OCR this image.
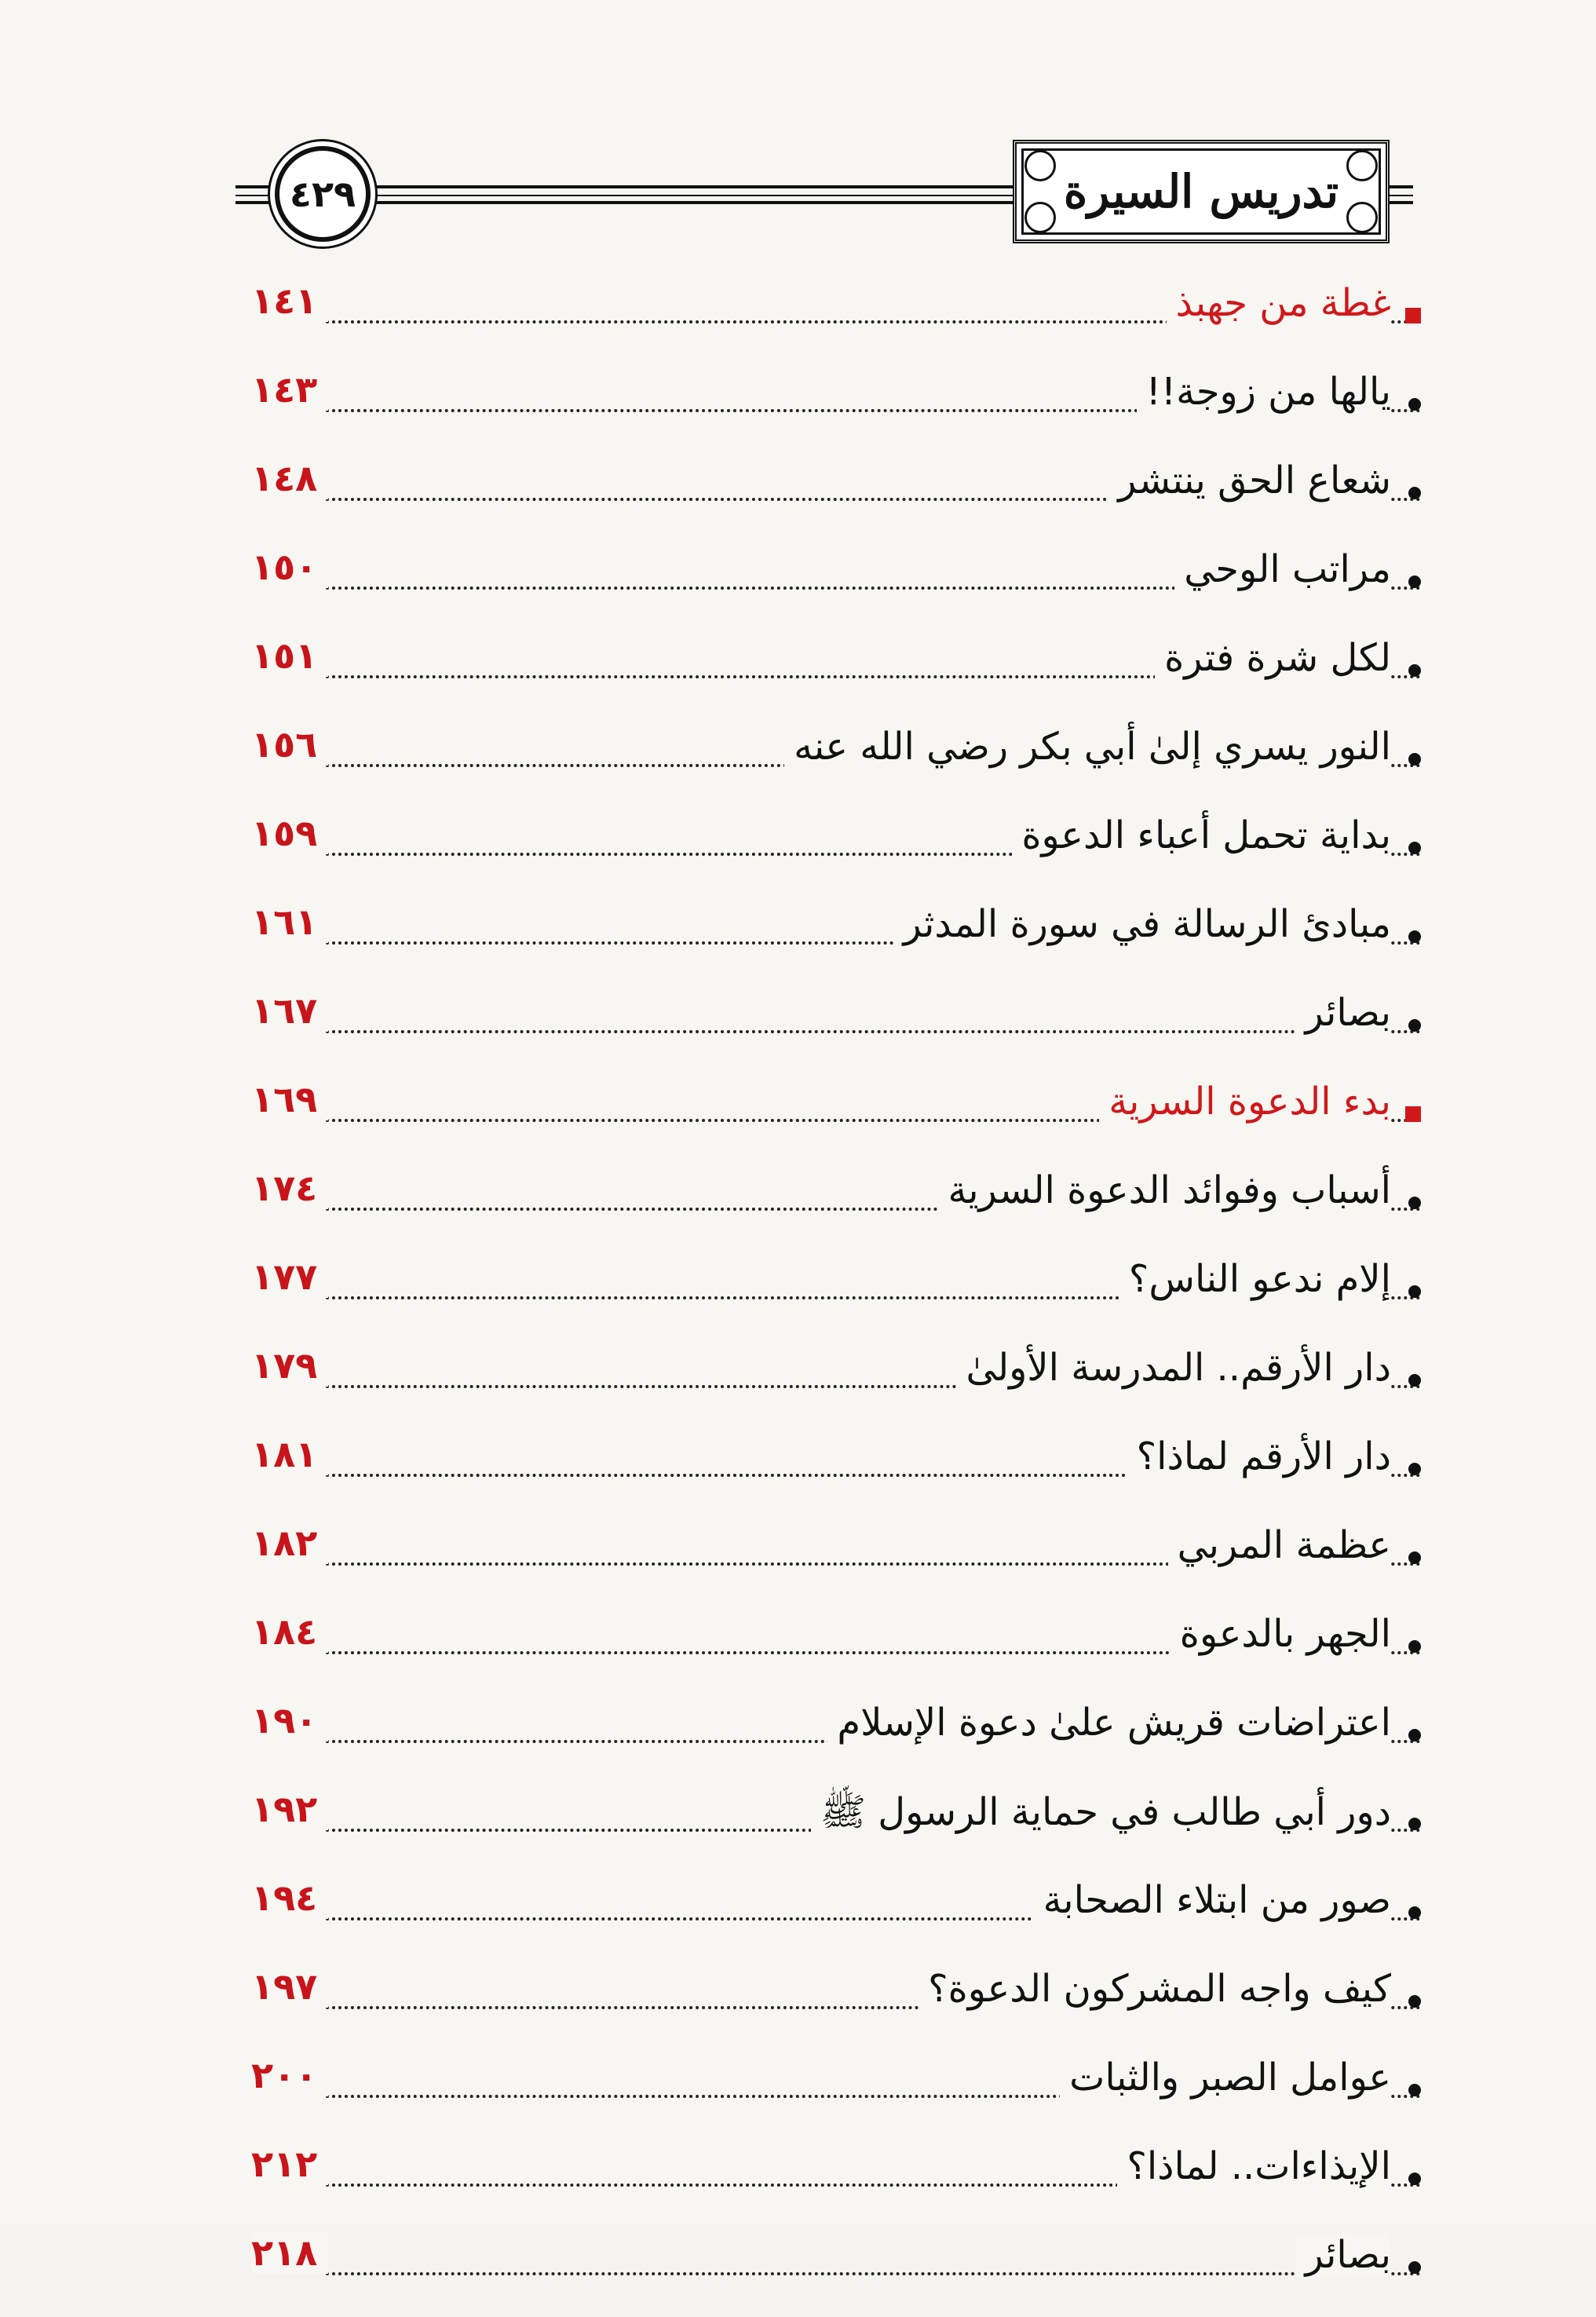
٤٢٩	تدريس السيرة
غطة من جهبذ
١٤١
يالها من زوجة!!
١٤٣
شعاع الحق ينتشر
١٤٨
مراتب الوحي
١٥٠
لكل شرة فترة
١٥١
النور يسري إلىٰ أبي بكر رضي الله عنه
١٥٦
بداية تحمل أعباء الدعوة
١٥٩
مبادئ الرسالة في سورة المدثر
١٦١
بصائر
١٦٧
بدء الدعوة السرية
١٦٩
أسباب وفوائد الدعوة السرية
١٧٤
إلام ندعو الناس؟
١٧٧
دار الأرقم.. المدرسة الأولىٰ
١٧٩
دار الأرقم لماذا؟
١٨١
عظمة المربي
١٨٢
الجهر بالدعوة
١٨٤
اعتراضات قريش علىٰ دعوة الإسلام
١٩٠
دور أبي طالب في حماية الرسول ﷺ
١٩٢
صور من ابتلاء الصحابة
١٩٤
كيف واجه المشركون الدعوة؟
١٩٧
عوامل الصبر والثبات
٢٠٠
الإيذاءات.. لماذا؟
٢١٢
بصائر
٢١٨
